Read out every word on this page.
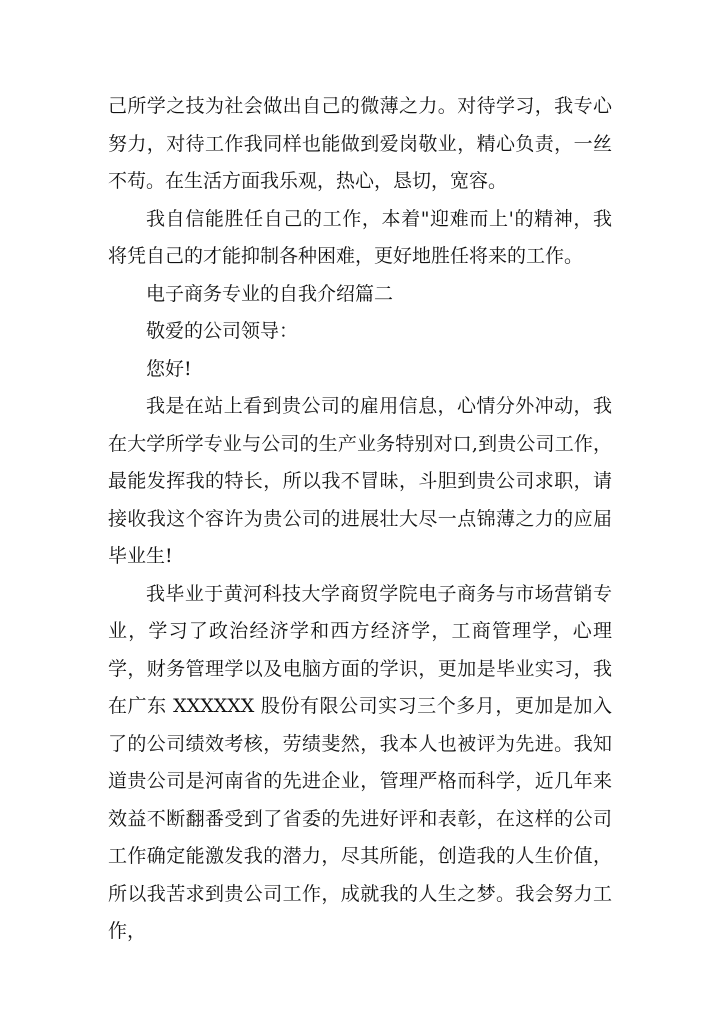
己所学之技为社会做出自己的微薄之力。对待学习，我专心努力，对待工作我同样也能做到爱岗敬业，精心负责，一丝不苟。在生活方面我乐观，热心，恳切，宽容。

我自信能胜任自己的工作，本着"迎难而上'的精神，我将凭自己的才能抑制各种困难，更好地胜任将来的工作。

电子商务专业的自我介绍篇二

敬爱的公司领导：

您好!

我是在站上看到贵公司的雇用信息，心情分外冲动，我在大学所学专业与公司的生产业务特别对口,到贵公司工作，最能发挥我的特长，所以我不冒昧，斗胆到贵公司求职，请接收我这个容许为贵公司的进展壮大尽一点锦薄之力的应届毕业生!

我毕业于黄河科技大学商贸学院电子商务与市场营销专业，学习了政治经济学和西方经济学，工商管理学，心理学，财务管理学以及电脑方面的学识，更加是毕业实习，我在广东 XXXXXX 股份有限公司实习三个多月，更加是加入了的公司绩效考核，劳绩斐然，我本人也被评为先进。我知道贵公司是河南省的先进企业，管理严格而科学，近几年来效益不断翻番受到了省委的先进好评和表彰，在这样的公司工作确定能激发我的潜力，尽其所能，创造我的人生价值，所以我苦求到贵公司工作，成就我的人生之梦。我会努力工作，
